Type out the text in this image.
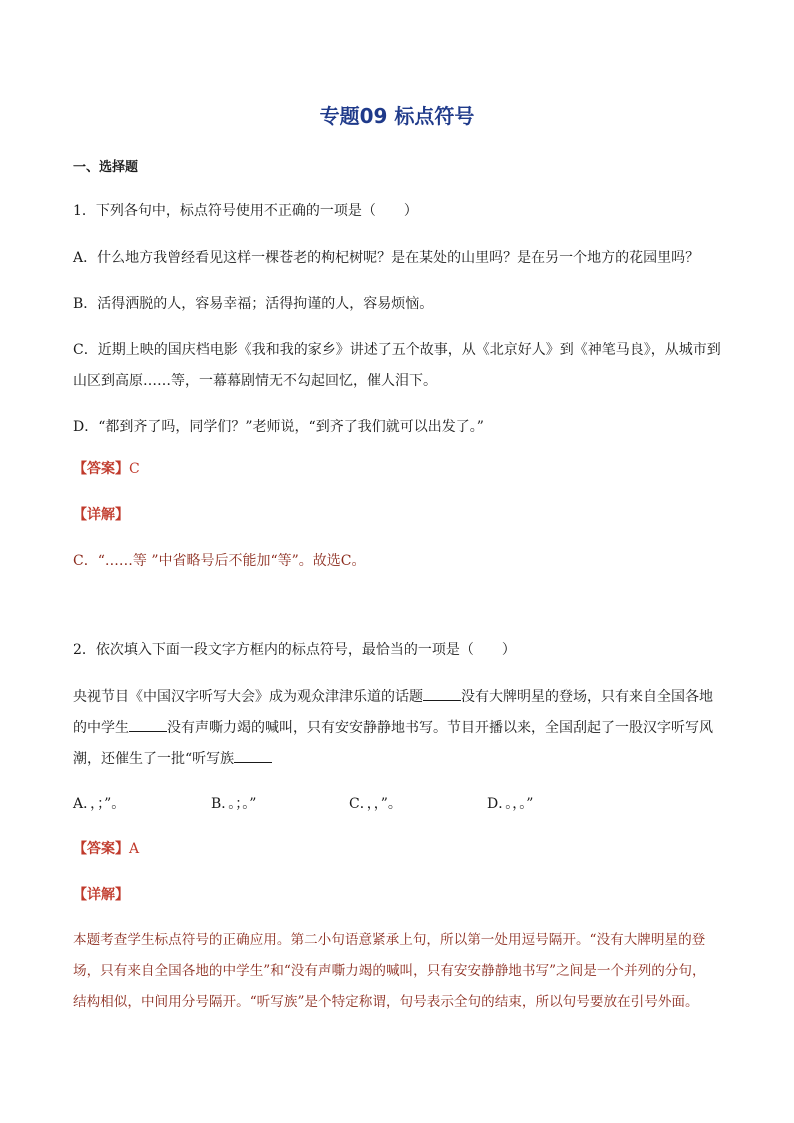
专题09 标点符号
一、选择题
1．下列各句中，标点符号使用不正确的一项是（　　）
A．什么地方我曾经看见这样一棵苍老的枸杞树呢？是在某处的山里吗？是在另一个地方的花园里吗？
B．活得洒脱的人，容易幸福；活得拘谨的人，容易烦恼。
C．近期上映的国庆档电影《我和我的家乡》讲述了五个故事，从《北京好人》到《神笔马良》，从城市到
山区到高原……等，一幕幕剧情无不勾起回忆，催人泪下。
D．“都到齐了吗，同学们？”老师说，“到齐了我们就可以出发了。”
【答案】C
【详解】
C．“……等 ”中省略号后不能加“等”。故选C。
2．依次填入下面一段文字方框内的标点符号，最恰当的一项是（　　）
央视节目《中国汉字听写大会》成为观众津津乐道的话题	没有大牌明星的登场，只有来自全国各地
的中学生	没有声嘶力竭的喊叫，只有安安静静地书写。节目开播以来，全国刮起了一股汉字听写风
潮，还催生了一批“听写族
A．，；”。	B．。；。”	C．，，”。	D．。，。”
【答案】A
【详解】
本题考查学生标点符号的正确应用。第二小句语意紧承上句，所以第一处用逗号隔开。“没有大牌明星的登
场，只有来自全国各地的中学生”和“没有声嘶力竭的喊叫，只有安安静静地书写”之间是一个并列的分句，
结构相似，中间用分号隔开。“听写族”是个特定称谓，句号表示全句的结束，所以句号要放在引号外面。
